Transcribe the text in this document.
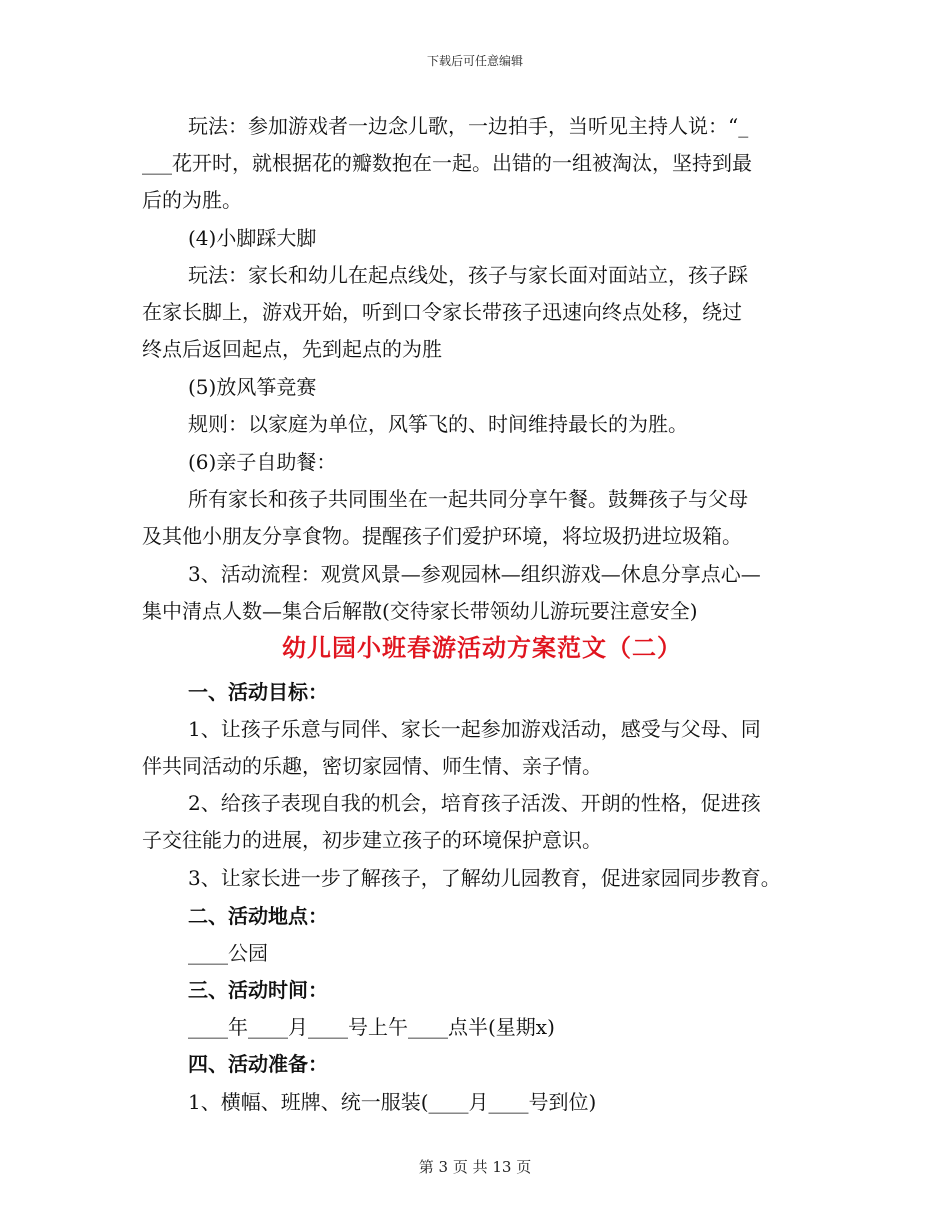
下载后可任意编辑
玩法：参加游戏者一边念儿歌，一边拍手，当听见主持人说：“_
___花开时，就根据花的瓣数抱在一起。出错的一组被淘汰，坚持到最
后的为胜。
(4)小脚踩大脚
玩法：家长和幼儿在起点线处，孩子与家长面对面站立，孩子踩
在家长脚上，游戏开始，听到口令家长带孩子迅速向终点处移，绕过
终点后返回起点，先到起点的为胜
(5)放风筝竞赛
规则：以家庭为单位，风筝飞的、时间维持最长的为胜。
(6)亲子自助餐：
所有家长和孩子共同围坐在一起共同分享午餐。鼓舞孩子与父母
及其他小朋友分享食物。提醒孩子们爱护环境，将垃圾扔进垃圾箱。
3、活动流程：观赏风景—参观园林—组织游戏—休息分享点心—
集中清点人数—集合后解散(交待家长带领幼儿游玩要注意安全)
幼儿园小班春游活动方案范文（二）
一、活动目标：
1、让孩子乐意与同伴、家长一起参加游戏活动，感受与父母、同
伴共同活动的乐趣，密切家园情、师生情、亲子情。
2、给孩子表现自我的机会，培育孩子活泼、开朗的性格，促进孩
子交往能力的进展，初步建立孩子的环境保护意识。
3、让家长进一步了解孩子，了解幼儿园教育，促进家园同步教育。
二、活动地点：
____公园
三、活动时间：
____年____月____号上午____点半(星期x)
四、活动准备：
1、横幅、班牌、统一服装(____月____号到位)
第 3 页 共 13 页
